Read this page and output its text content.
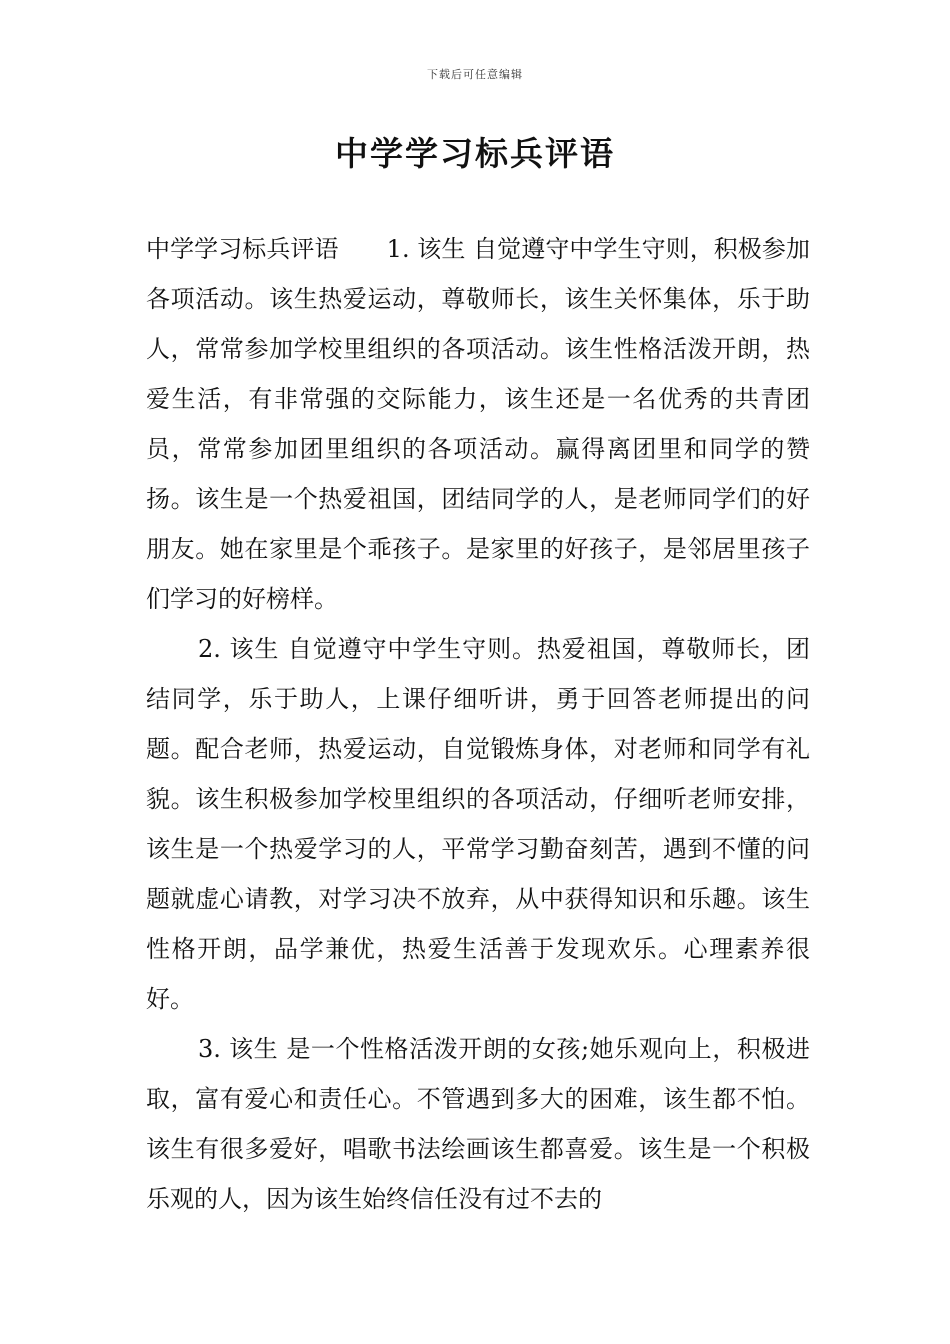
下载后可任意编辑
中学学习标兵评语

中学学习标兵评语　　1. 该生 自觉遵守中学生守则，积极参加各项活动。该生热爱运动，尊敬师长，该生关怀集体，乐于助人，常常参加学校里组织的各项活动。该生性格活泼开朗，热爱生活，有非常强的交际能力，该生还是一名优秀的共青团员，常常参加团里组织的各项活动。赢得离团里和同学的赞扬。该生是一个热爱祖国，团结同学的人，是老师同学们的好朋友。她在家里是个乖孩子。是家里的好孩子，是邻居里孩子们学习的好榜样。

2. 该生 自觉遵守中学生守则。热爱祖国，尊敬师长，团结同学，乐于助人，上课仔细听讲，勇于回答老师提出的问题。配合老师，热爱运动，自觉锻炼身体，对老师和同学有礼貌。该生积极参加学校里组织的各项活动，仔细听老师安排，该生是一个热爱学习的人，平常学习勤奋刻苦，遇到不懂的问题就虚心请教，对学习决不放弃，从中获得知识和乐趣。该生性格开朗，品学兼优，热爱生活善于发现欢乐。心理素养很好。

3. 该生 是一个性格活泼开朗的女孩;她乐观向上，积极进取，富有爱心和责任心。不管遇到多大的困难，该生都不怕。该生有很多爱好，唱歌书法绘画该生都喜爱。该生是一个积极乐观的人，因为该生始终信任没有过不去的
